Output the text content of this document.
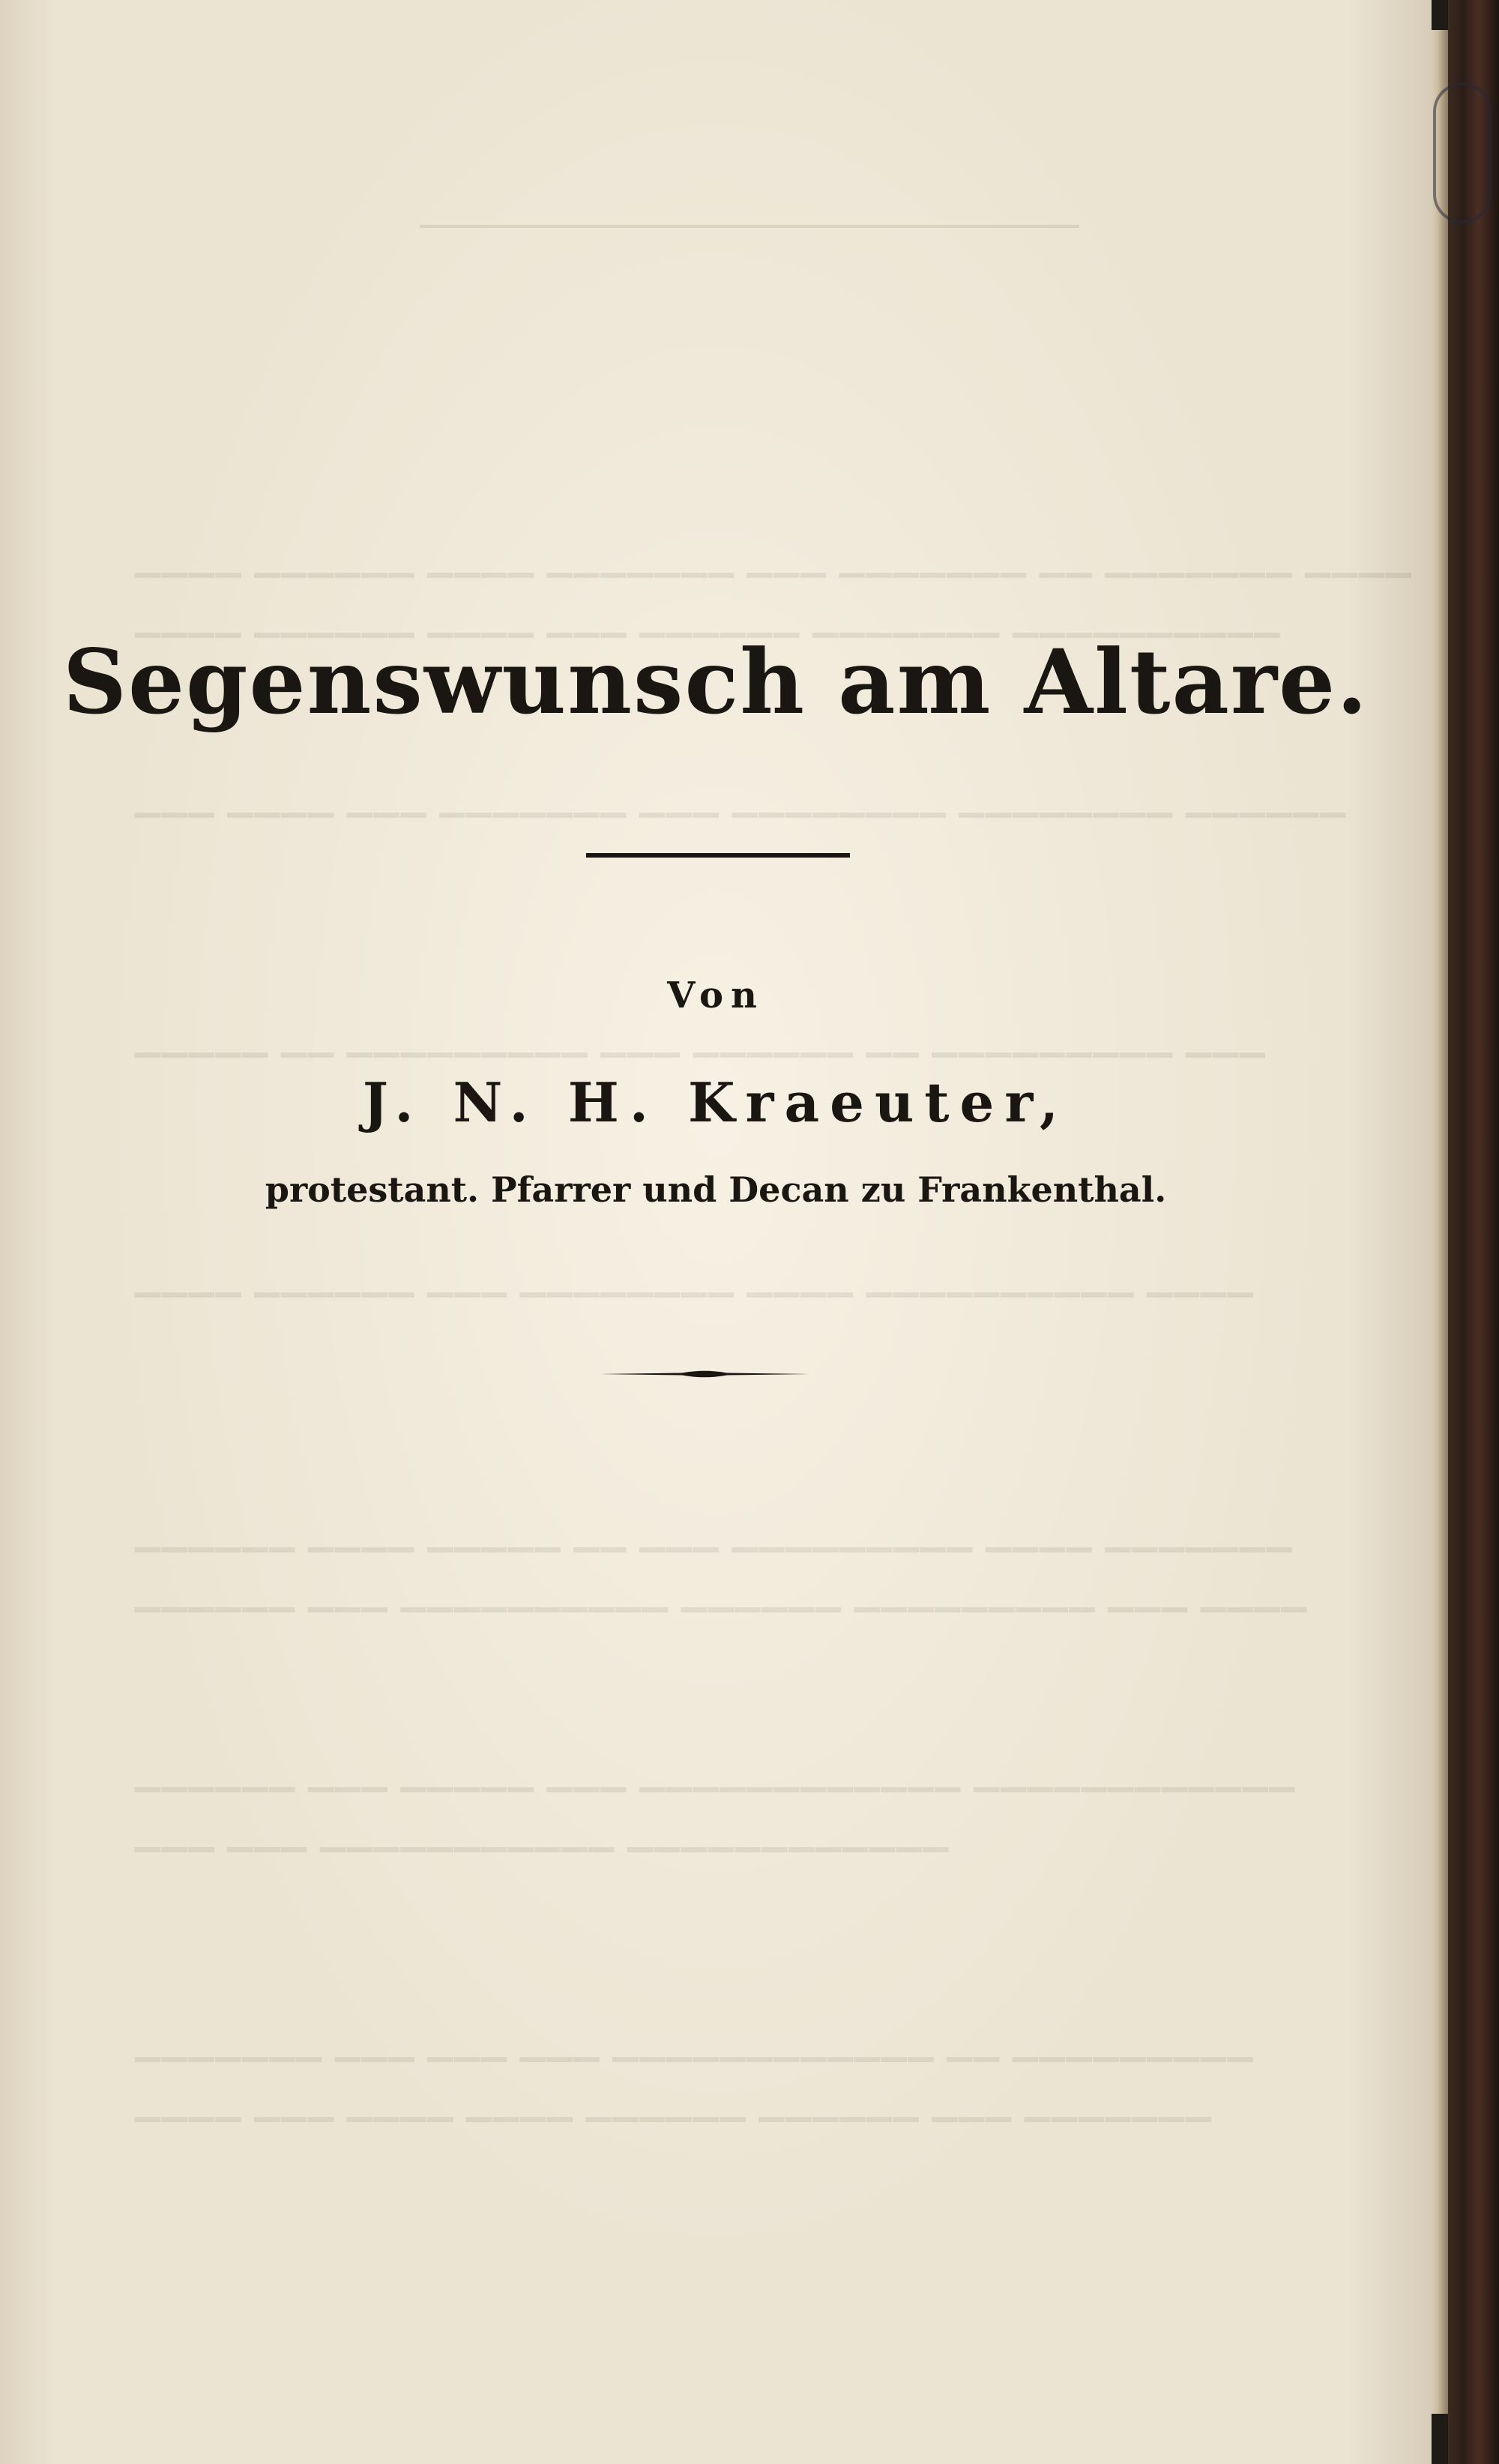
▁▁▁▁ ▁▁▁▁▁▁ ▁▁▁▁ ▁▁▁▁▁▁▁ ▁▁▁ ▁▁▁▁▁▁▁ ▁▁ ▁▁▁▁▁▁▁ ▁▁▁▁
▁▁▁▁ ▁▁▁▁▁▁ ▁▁▁▁ ▁▁▁ ▁▁▁▁▁▁ ▁▁▁▁▁▁▁ ▁▁▁▁▁▁▁▁▁▁
▁▁▁ ▁▁▁▁ ▁▁▁ ▁▁▁▁▁▁▁ ▁▁▁ ▁▁▁▁▁▁▁▁ ▁▁▁▁▁▁▁▁ ▁▁▁▁▁▁
▁▁▁▁▁ ▁▁ ▁▁▁▁▁▁▁▁▁ ▁▁▁ ▁▁▁▁▁▁ ▁▁ ▁▁▁▁▁▁▁▁▁ ▁▁▁
▁▁▁▁ ▁▁▁▁▁▁ ▁▁▁ ▁▁▁▁▁▁▁▁ ▁▁▁▁ ▁▁▁▁▁▁▁▁▁▁ ▁▁▁▁
▁▁▁▁▁▁ ▁▁▁▁ ▁▁▁▁▁ ▁▁ ▁▁▁ ▁▁▁▁▁▁▁▁▁ ▁▁▁▁ ▁▁▁▁▁▁▁
▁▁▁▁▁▁ ▁▁▁ ▁▁▁▁▁▁▁▁▁▁ ▁▁▁▁▁▁ ▁▁▁▁▁▁▁▁▁ ▁▁▁ ▁▁▁▁
▁▁▁▁▁▁ ▁▁▁ ▁▁▁▁▁ ▁▁▁ ▁▁▁▁▁▁▁▁▁▁▁▁ ▁▁▁▁▁▁▁▁▁▁▁▁
▁▁▁ ▁▁▁ ▁▁▁▁▁▁▁▁▁▁▁ ▁▁▁▁▁▁▁▁▁▁▁▁
▁▁▁▁▁▁▁ ▁▁▁ ▁▁▁ ▁▁▁ ▁▁▁▁▁▁▁▁▁▁▁▁ ▁▁ ▁▁▁▁▁▁▁▁▁
▁▁▁▁ ▁▁▁ ▁▁▁▁ ▁▁▁▁ ▁▁▁▁▁▁ ▁▁▁▁▁▁ ▁▁▁ ▁▁▁▁▁▁▁
Segenswunsch am Altare.
Von
J. N. H. Kraeuter,
protestant. Pfarrer und Decan zu Frankenthal.
